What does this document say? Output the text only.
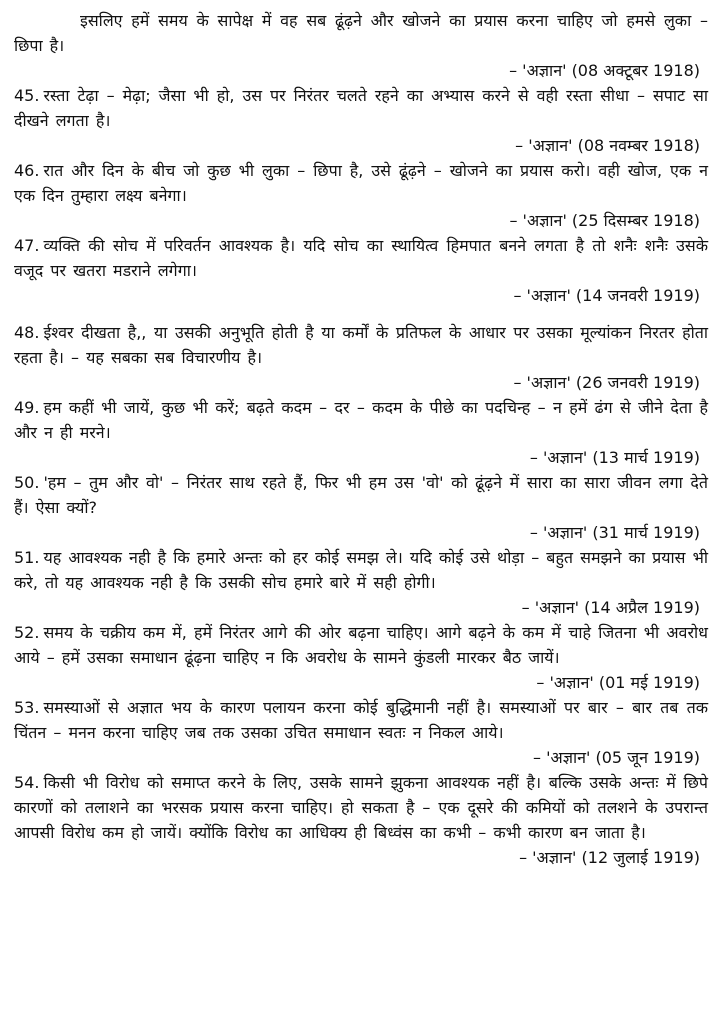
इसलिए हमें समय के सापेक्ष में वह सब ढूंढ़ने और खोजने का प्रयास करना चाहिए जो हमसे लुका – छिपा है।

– 'अज्ञान' (08 अक्टूबर 1918)

45. रस्ता टेढ़ा – मेढ़ा; जैसा भी हो, उस पर निरंतर चलते रहने का अभ्यास करने से वही रस्ता सीधा – सपाट सा दीखने लगता है।

– 'अज्ञान' (08 नवम्बर 1918)

46. रात और दिन के बीच जो कुछ भी लुका – छिपा है, उसे ढूंढ़ने – खोजने का प्रयास करो। वही खोज, एक न एक दिन तुम्हारा लक्ष्य बनेगा।

– 'अज्ञान' (25 दिसम्बर 1918)

47. व्यक्ति की सोच में परिवर्तन आवश्यक है। यदि सोच का स्थायित्व हिमपात बनने लगता है तो शनैः शनैः उसके वजूद पर खतरा मडराने लगेगा।

– 'अज्ञान' (14 जनवरी 1919)

48. ईश्वर दीखता है,, या उसकी अनुभूति होती है या कर्मों के प्रतिफल के आधार पर उसका मूल्यांकन निरतर होता रहता है। – यह सबका सब विचारणीय है।

– 'अज्ञान' (26 जनवरी 1919)

49. हम कहीं भी जायें, कुछ भी करें; बढ़ते कदम – दर – कदम के पीछे का पदचिन्ह – न हमें ढंग से जीने देता है और न ही मरने।

– 'अज्ञान' (13 मार्च 1919)

50. 'हम – तुम और वो' – निरंतर साथ रहते हैं, फिर भी हम उस 'वो' को ढूंढ़ने में सारा का सारा जीवन लगा देते हैं। ऐसा क्यों?

– 'अज्ञान' (31 मार्च 1919)

51. यह आवश्यक नही है कि हमारे अन्तः को हर कोई समझ ले। यदि कोई उसे थोड़ा – बहुत समझने का प्रयास भी करे, तो यह आवश्यक नही है कि उसकी सोच हमारे बारे में सही होगी।

– 'अज्ञान' (14 अप्रैल 1919)

52. समय के चक्रीय कम में, हमें निरंतर आगे की ओर बढ़ना चाहिए। आगे बढ़ने के कम में चाहे जितना भी अवरोध आये – हमें उसका समाधान ढूंढ़ना चाहिए न कि अवरोध के सामने कुंडली मारकर बैठ जायें।

– 'अज्ञान' (01 मई 1919)

53. समस्याओं से अज्ञात भय के कारण पलायन करना कोई बुद्धिमानी नहीं है। समस्याओं पर बार – बार तब तक चिंतन – मनन करना चाहिए जब तक उसका उचित समाधान स्वतः न निकल आये।

– 'अज्ञान' (05 जून 1919)

54. किसी भी विरोध को समाप्त करने के लिए, उसके सामने झुकना आवश्यक नहीं है। बल्कि उसके अन्तः में छिपे कारणों को तलाशने का भरसक प्रयास करना चाहिए। हो सकता है – एक दूसरे की कमियों को तलशने के उपरान्त आपसी विरोध कम हो जायें। क्योंकि विरोध का आधिक्य ही बिध्वंस का कभी – कभी कारण बन जाता है।

– 'अज्ञान' (12 जुलाई 1919)
